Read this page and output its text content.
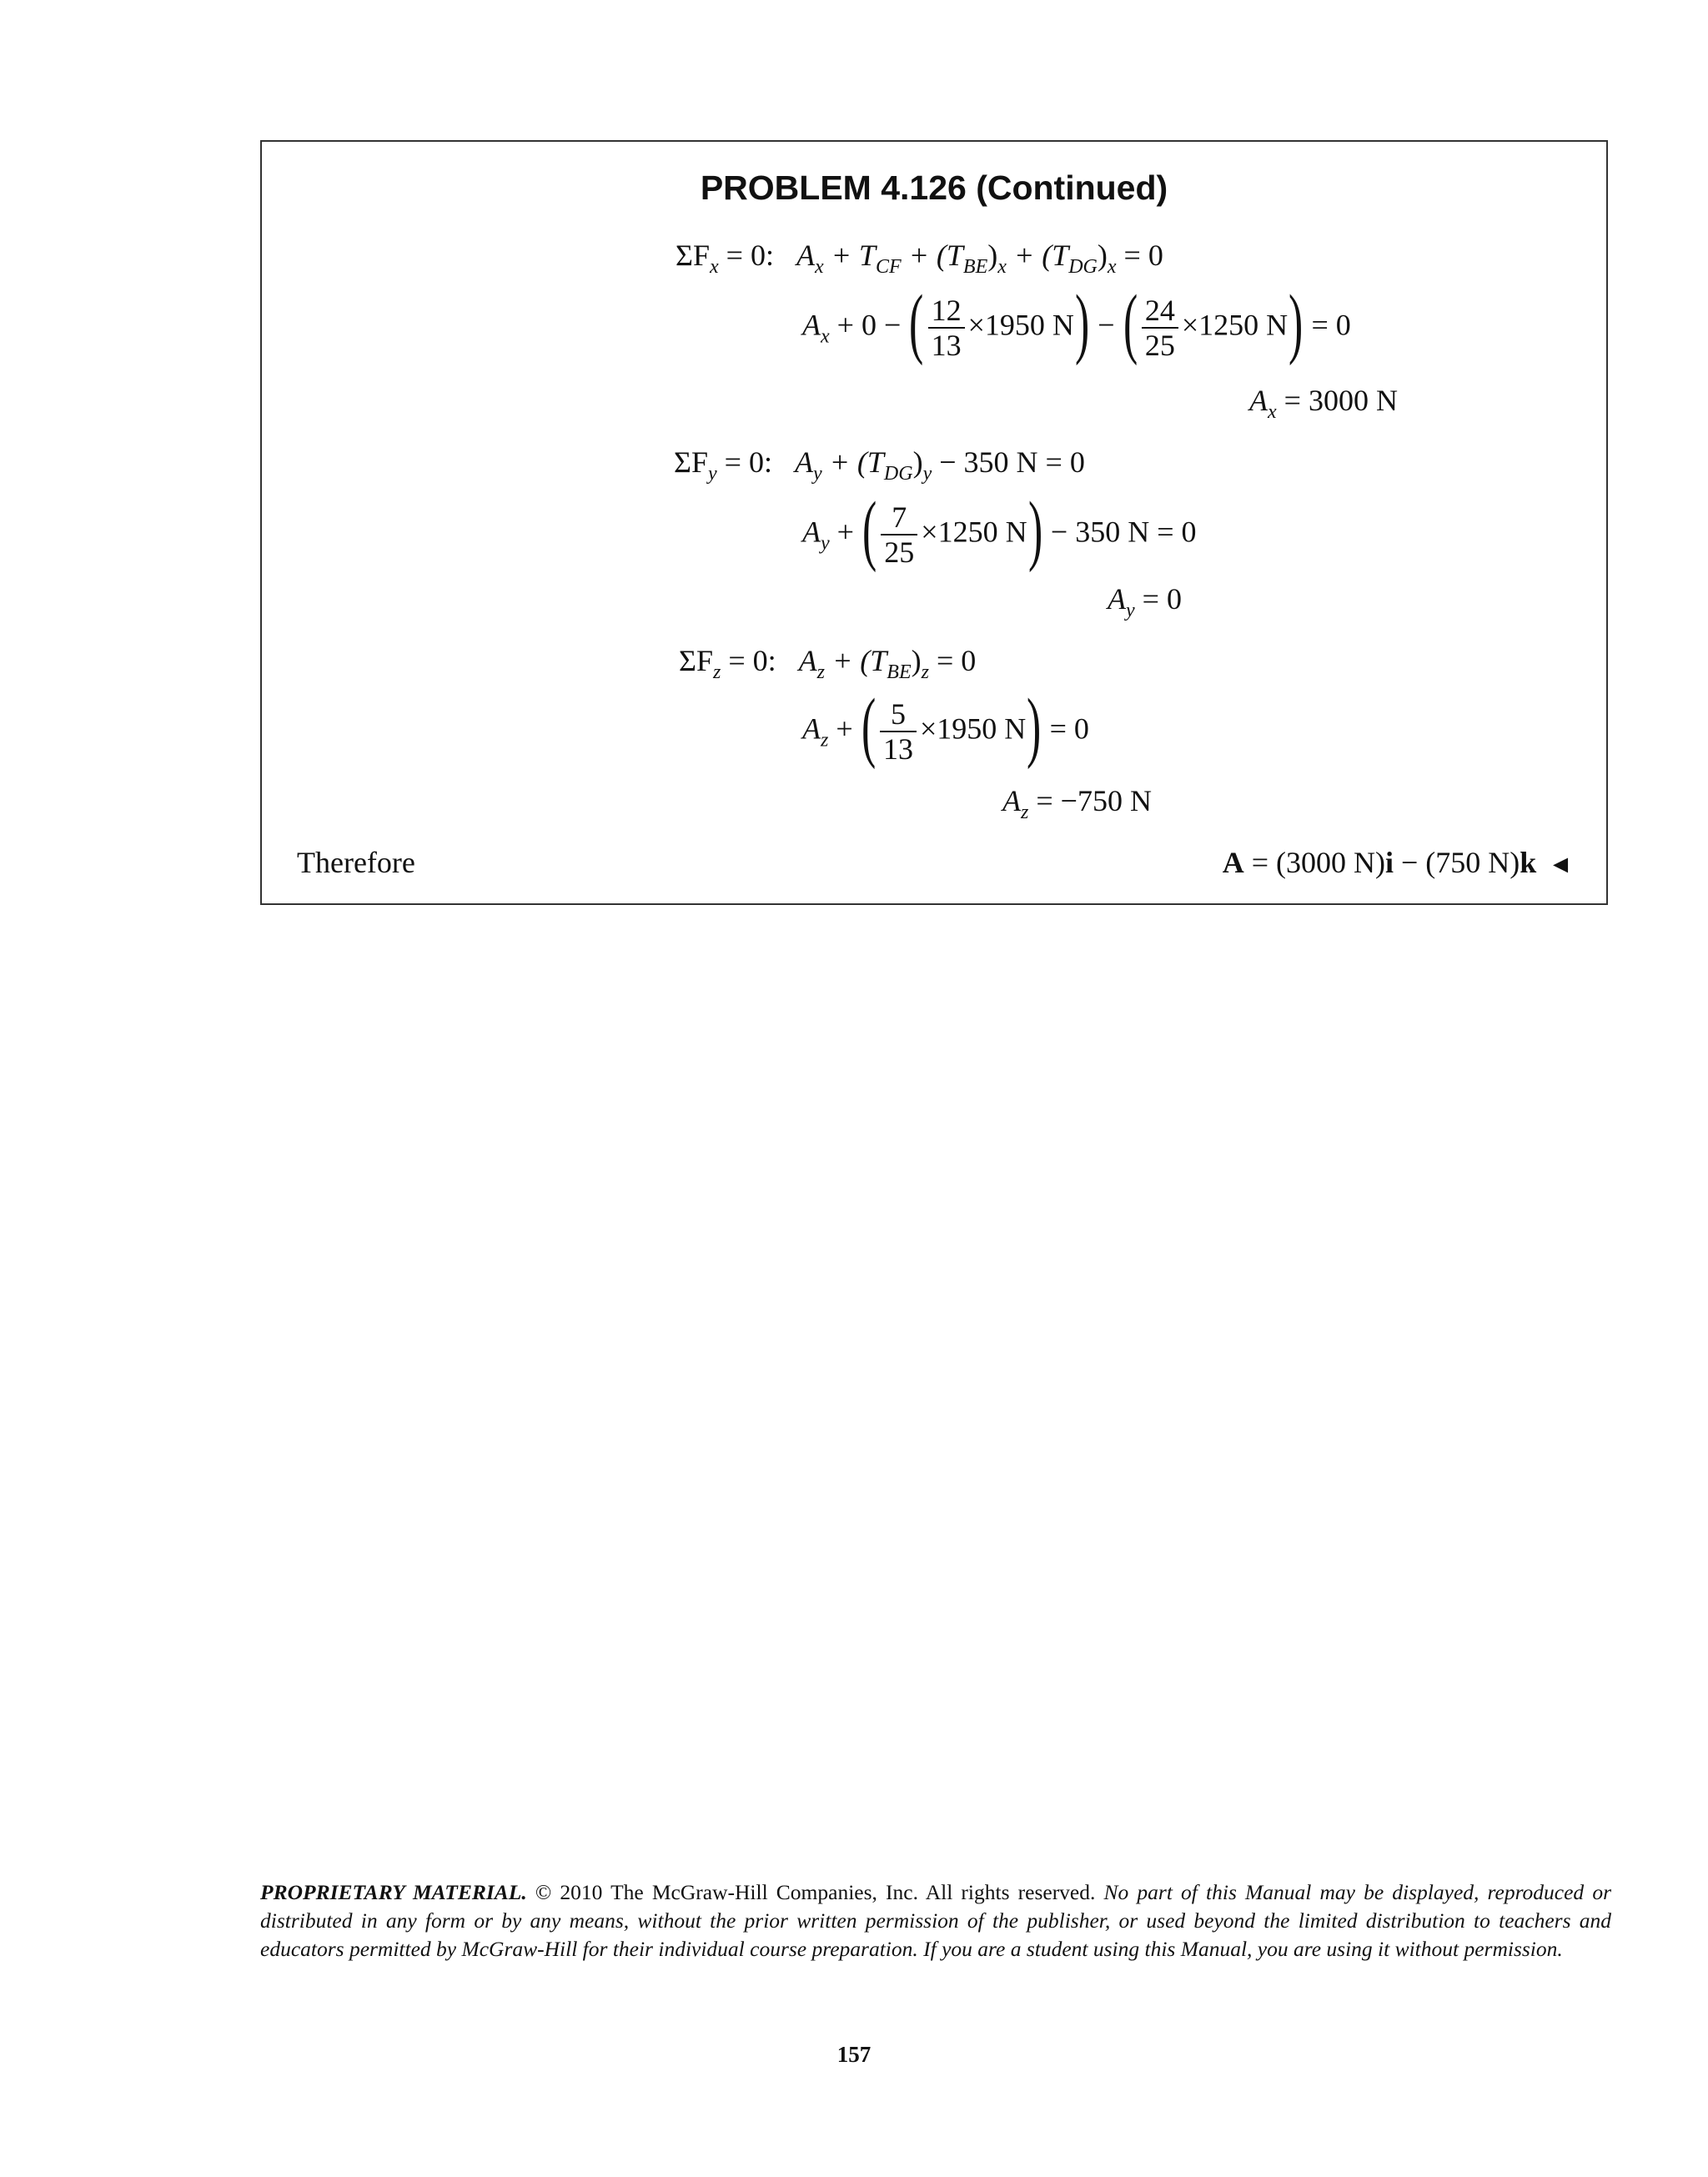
PROBLEM 4.126 (Continued)
$\Sigma F_x = 0$: $A_x + T_{CF} + (T_{BE})_x + (T_{DG})_x = 0$
$A_x + 0$ − ( $\frac{12}{13} \times 1950$ N) − ( $\frac{24}{25} \times 1250$ N) = 0
$A_x = 3000$ N
$\Sigma F_y = 0$: $A_y + (T_{DG})_y - 350$ N = 0
$A_y$ + ( $\frac{7}{25} \times 1250$ N) − 350 N = 0
$A_y = 0$
$\Sigma F_z = 0$: $A_z + (T_{BE})_z = 0$
$A_z$ + ( $\frac{5}{13} \times 1950$ N) = 0
$A_z = -750$ N
Therefore	A = (3000 N)i − (750 N)k ◄
PROPRIETARY MATERIAL. © 2010 The McGraw-Hill Companies, Inc. All rights reserved. No part of this Manual may be displayed, reproduced or distributed in any form or by any means, without the prior written permission of the publisher, or used beyond the limited distribution to teachers and educators permitted by McGraw-Hill for their individual course preparation. If you are a student using this Manual, you are using it without permission.
157
